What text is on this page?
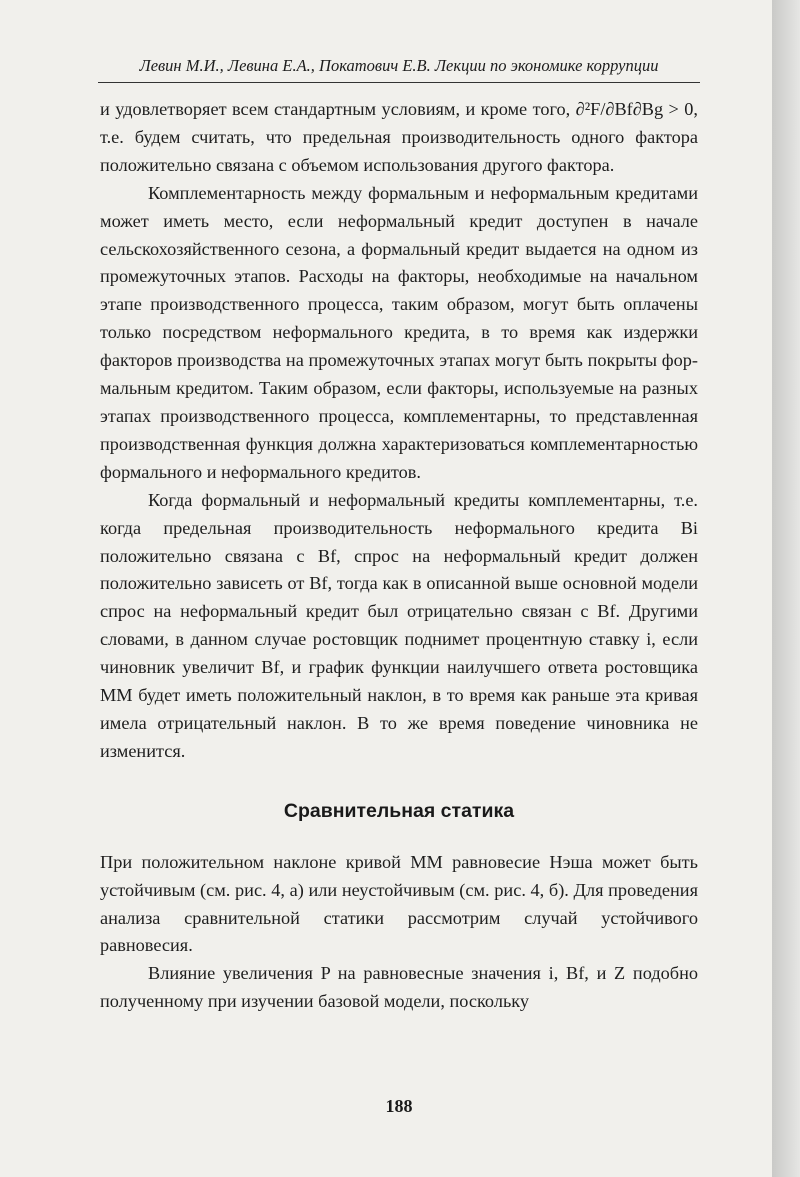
Левин М.И., Левина Е.А., Покатович Е.В. Лекции по экономике коррупции

и удовлетворяет всем стандартным условиям, и кроме того, ∂²F/∂Bf∂Bg > 0, т.е. будем считать, что предельная производительность одного фактора положительно связана с объемом использования другого фактора.

Комплементарность между формальным и неформальным кредитами может иметь место, если неформальный кредит доступен в начале сельскохозяйственного сезона, а формальный кредит выдается на одном из промежуточных этапов. Расходы на факторы, необходимые на начальном этапе производственного процесса, таким образом, могут быть оплачены только посредством неформального кредита, в то время как издержки факторов производства на промежуточных этапах могут быть покрыты формальным кредитом. Таким образом, если факторы, используемые на разных этапах производственного процесса, комплементарны, то представленная производственная функция должна характеризоваться комплементарностью формального и неформального кредитов.

Когда формальный и неформальный кредиты комплементарны, т.е. когда предельная производительность неформального кредита Bi положительно связана с Bf, спрос на неформальный кредит должен положительно зависеть от Bf, тогда как в описанной выше основной модели спрос на неформальный кредит был отрицательно связан с Bf. Другими словами, в данном случае ростовщик поднимет процентную ставку i, если чиновник увеличит Bf, и график функции наилучшего ответа ростовщика MM будет иметь положительный наклон, в то время как раньше эта кривая имела отрицательный наклон. В то же время поведение чиновника не изменится.

Сравнительная статика

При положительном наклоне кривой MM равновесие Нэша может быть устойчивым (см. рис. 4, а) или неустойчивым (см. рис. 4, б). Для проведения анализа сравнительной статики рассмотрим случай устойчивого равновесия.

Влияние увеличения P на равновесные значения i, Bf, и Z подобно полученному при изучении базовой модели, поскольку

188
